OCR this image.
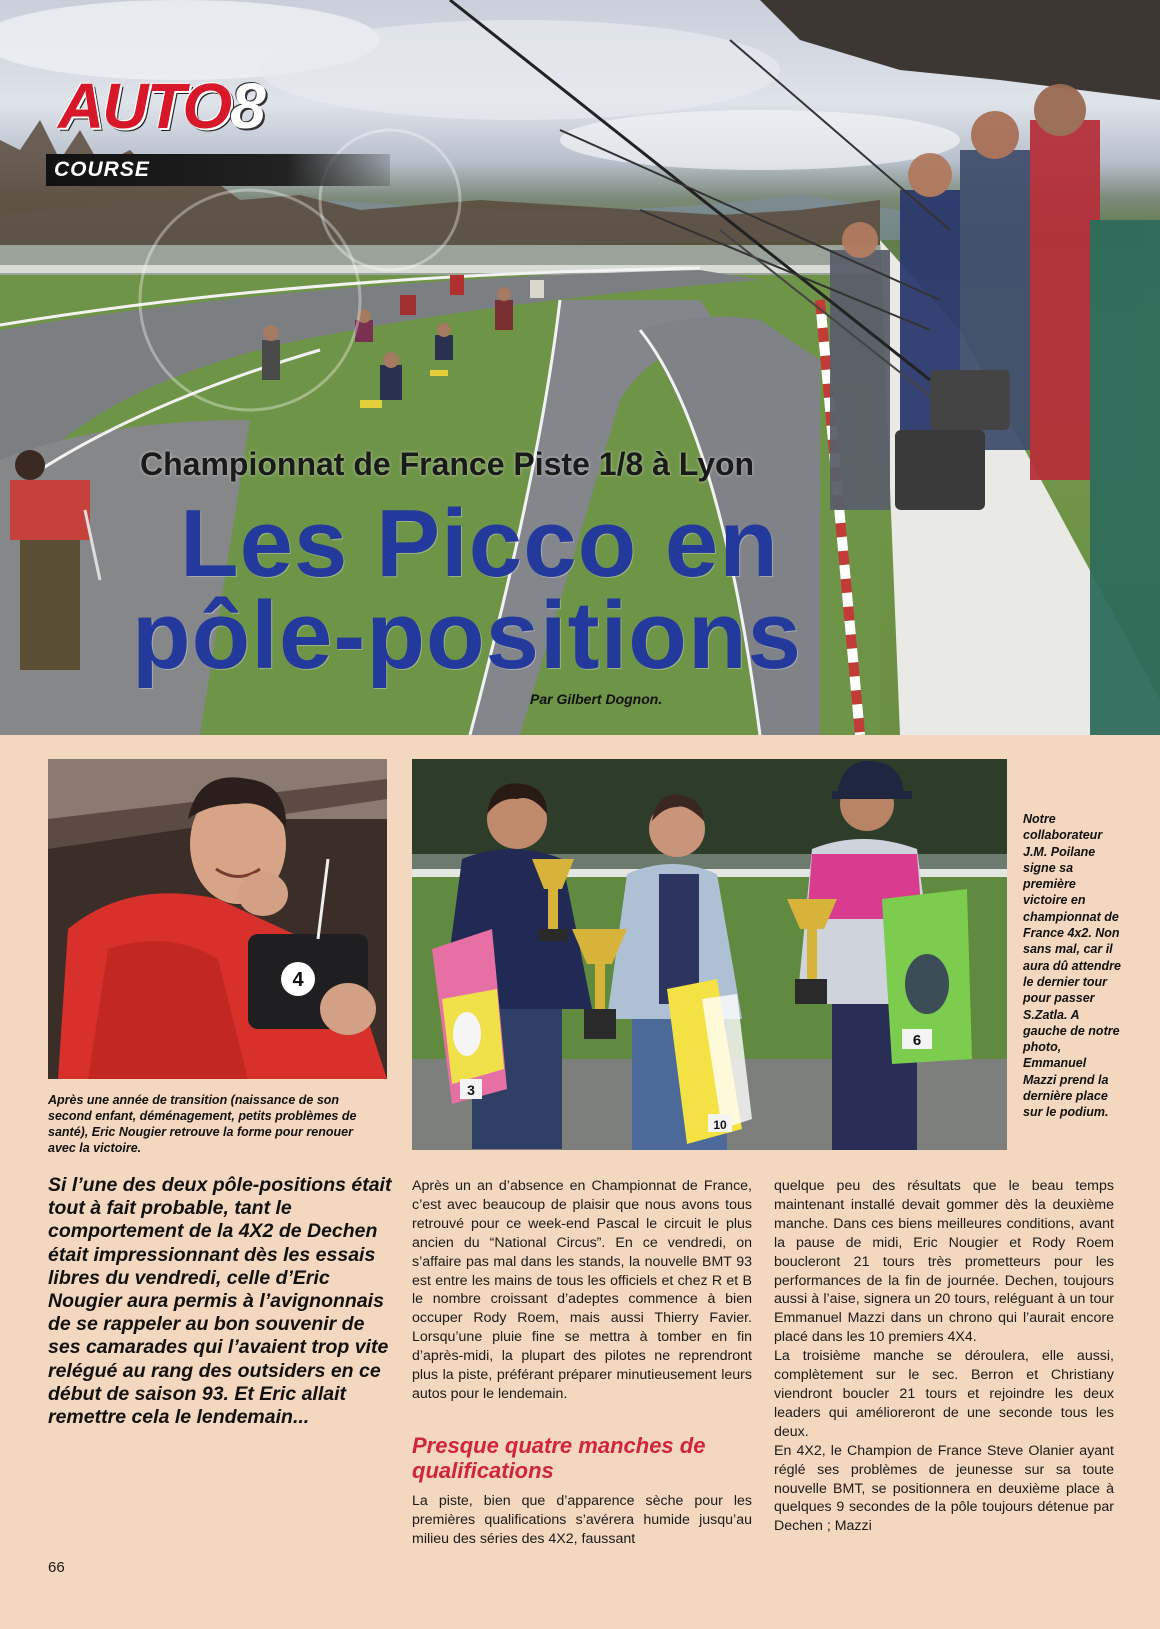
AUTO8
COURSE
Championnat de France Piste 1/8 à Lyon
Les Picco en
pôle-positions
Par Gilbert Dognon.
4
Après une année de transition (naissance de son second enfant, déménagement, petits problèmes de santé), Eric Nougier retrouve la forme pour renouer avec la victoire.
3
10
6
Notre collaborateur J.M. Poilane signe sa première victoire en championnat de France 4x2. Non sans mal, car il aura dû attendre le dernier tour pour passer S.Zatla. A gauche de notre photo, Emmanuel Mazzi prend la dernière place sur le podium.
Si l’une des deux pôle-positions était tout à fait probable, tant le comportement de la 4X2 de Dechen était impressionnant dès les essais libres du vendredi, celle d’Eric Nougier aura permis à l’avignonnais de se rappeler au bon souvenir de ses camarades qui l’avaient trop vite relégué au rang des outsiders en ce début de saison 93. Et Eric allait remettre cela le lendemain...

Après un an d’absence en Championnat de France, c’est avec beaucoup de plaisir que nous avons tous retrouvé pour ce week-end Pascal le circuit le plus ancien du “National Circus”. En ce vendredi, on s’affaire pas mal dans les stands, la nouvelle BMT 93 est entre les mains de tous les officiels et chez R et B le nombre croissant d’adeptes commence à bien occuper Rody Roem, mais aussi Thierry Favier. Lorsqu’une pluie fine se mettra à tomber en fin d’après-midi, la plupart des pilotes ne reprendront plus la piste, préférant préparer minutieusement leurs autos pour le lendemain.

Presque quatre manches de qualifications

La piste, bien que d’apparence sèche pour les premières qualifications s’avérera humide jusqu’au milieu des séries des 4X2, faussant

quelque peu des résultats que le beau temps maintenant installé devait gommer dès la deuxième manche. Dans ces biens meilleures conditions, avant la pause de midi, Eric Nougier et Rody Roem boucleront 21 tours très prometteurs pour les performances de la fin de journée. Dechen, toujours aussi à l’aise, signera un 20 tours, reléguant à un tour Emmanuel Mazzi dans un chrono qui l’aurait encore placé dans les 10 premiers 4X4.

La troisième manche se déroulera, elle aussi, complètement sur le sec. Berron et Christiany viendront boucler 21 tours et rejoindre les deux leaders qui amélioreront de une seconde tous les deux.

En 4X2, le Champion de France Steve Olanier ayant réglé ses problèmes de jeunesse sur sa toute nouvelle BMT, se positionnera en deuxième place à quelques 9 secondes de la pôle toujours détenue par Dechen ; Mazzi

66
